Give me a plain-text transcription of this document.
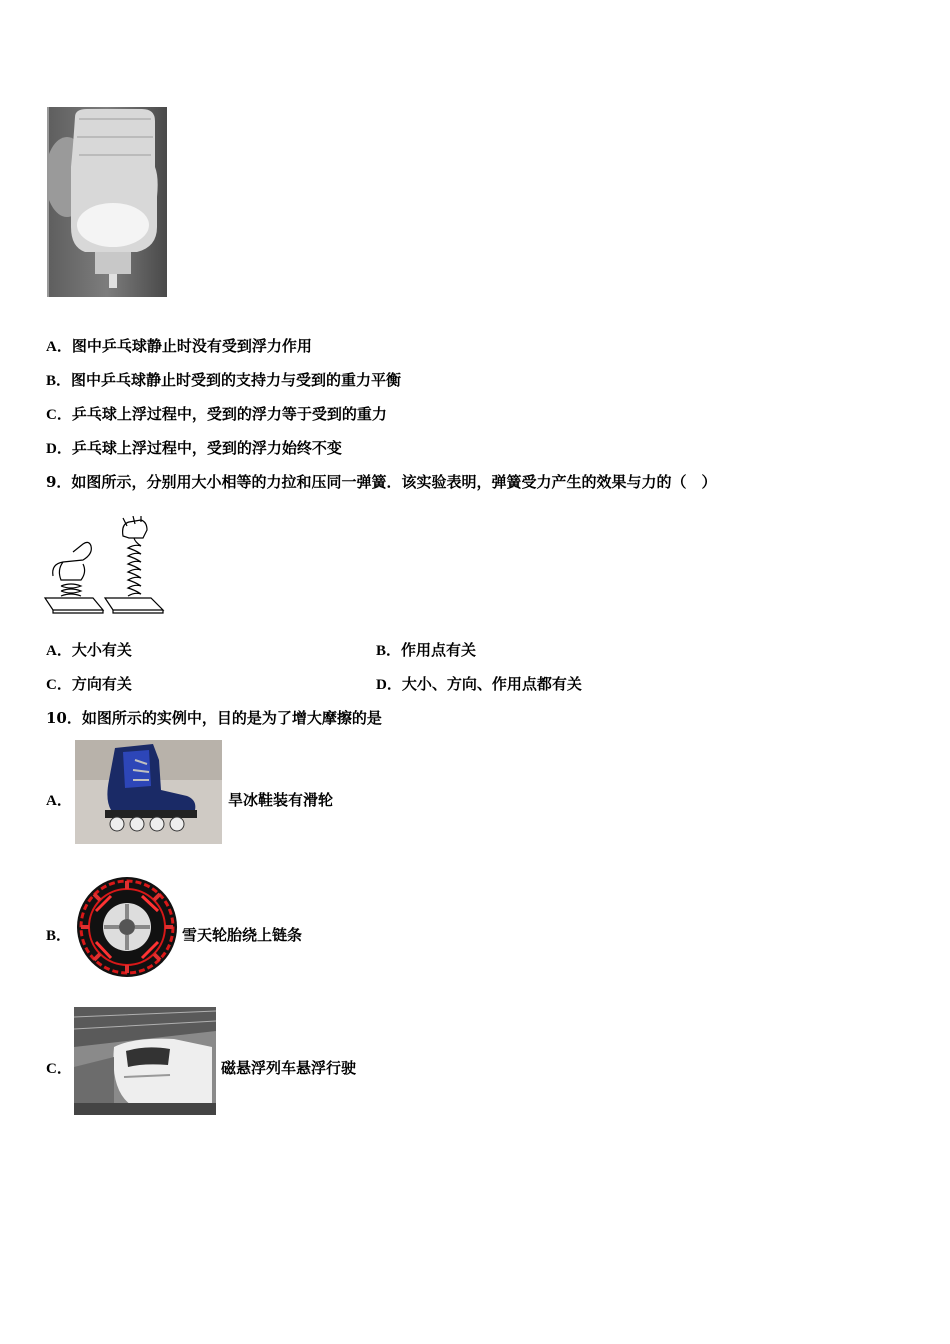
A．图中乒乓球静止时没有受到浮力作用
B．图中乒乓球静止时受到的支持力与受到的重力平衡
C．乒乓球上浮过程中，受到的浮力等于受到的重力
D．乒乓球上浮过程中，受到的浮力始终不变
9．如图所示，分别用大小相等的力拉和压同一弹簧．该实验表明，弹簧受力产生的效果与力的（　）
A．大小有关	B．作用点有关
C．方向有关	D．大小、方向、作用点都有关
10．如图所示的实例中，目的是为了增大摩擦的是
A．	旱冰鞋装有滑轮
B．	雪天轮胎绕上链条
C．	磁悬浮列车悬浮行驶
